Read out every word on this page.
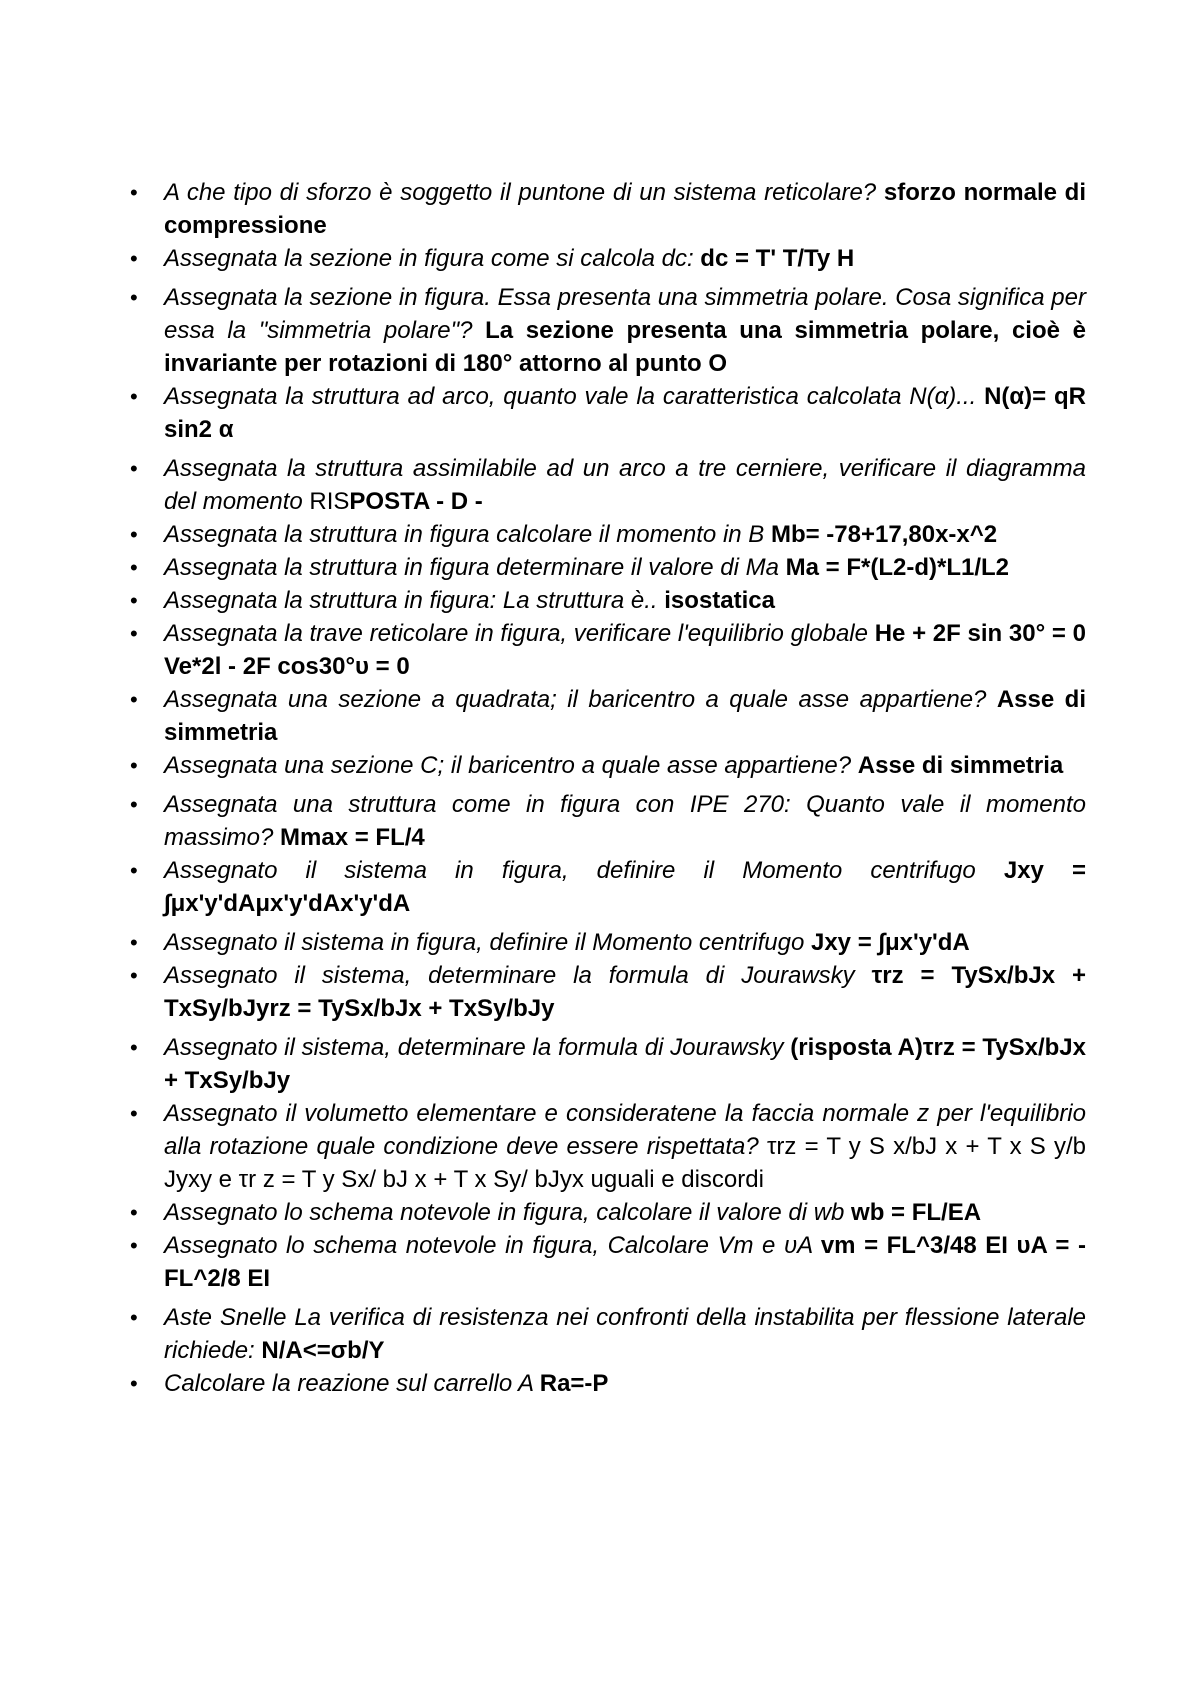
• A che tipo di sforzo è soggetto il puntone di un sistema reticolare? sforzo normale di compressione
• Assegnata la sezione in figura come si calcola dc: dc = T' T/Ty H
• Assegnata la sezione in figura. Essa presenta una simmetria polare. Cosa significa per essa la "simmetria polare"? La sezione presenta una simmetria polare, cioè è invariante per rotazioni di 180° attorno al punto O
• Assegnata la struttura ad arco, quanto vale la caratteristica calcolata N(α)... N(α)= qR sin2 α
• Assegnata la struttura assimilabile ad un arco a tre cerniere, verificare il diagramma del momento RISPOSTA - D -
• Assegnata la struttura in figura calcolare il momento in B Mb= -78+17,80x-x^2
• Assegnata la struttura in figura determinare il valore di Ma Ma = F*(L2-d)*L1/L2
• Assegnata la struttura in figura: La struttura è.. isostatica
• Assegnata la trave reticolare in figura, verificare l'equilibrio globale He + 2F sin 30° = 0 Ve*2l - 2F cos30°υ = 0
• Assegnata una sezione a quadrata; il baricentro a quale asse appartiene? Asse di simmetria
• Assegnata una sezione C; il baricentro a quale asse appartiene? Asse di simmetria
• Assegnata una struttura come in figura con IPE 270: Quanto vale il momento massimo? Mmax = FL/4
• Assegnato il sistema in figura, definire il Momento centrifugo Jxy = ∫μx'y'dAμx'y'dAx'y'dA
• Assegnato il sistema in figura, definire il Momento centrifugo Jxy = ∫μx'y'dA
• Assegnato il sistema, determinare la formula di Jourawsky τrz = TySx/bJx + TxSy/bJyrz = TySx/bJx + TxSy/bJy
• Assegnato il sistema, determinare la formula di Jourawsky (risposta A)τrz = TySx/bJx + TxSy/bJy
• Assegnato il volumetto elementare e consideratene la faccia normale z per l'equilibrio alla rotazione quale condizione deve essere rispettata? τrz = T y S x/bJ x + T x S y/b Jyxy e τr z = T y Sx/ bJ x + T x Sy/ bJyx uguali e discordi
• Assegnato lo schema notevole in figura, calcolare il valore di wb wb = FL/EA
• Assegnato lo schema notevole in figura, Calcolare Vm e υA vm = FL^3/48 EI υA = - FL^2/8 EI
• Aste Snelle La verifica di resistenza nei confronti della instabilita per flessione laterale richiede: N/A<=σb/Y
• Calcolare la reazione sul carrello A Ra=-P
